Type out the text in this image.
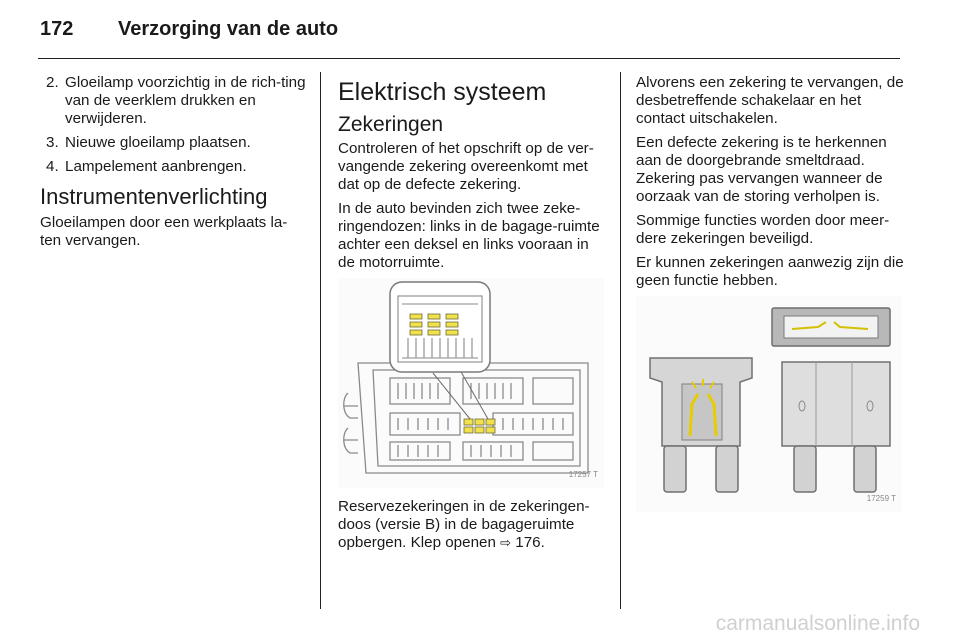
172 Verzorging van de auto
2. Gloeilamp voorzichtig in de rich-ting van de veerklem drukken en verwijderen.
3. Nieuwe gloeilamp plaatsen.
4. Lampelement aanbrengen.
Instrumentenverlichting

Gloeilampen door een werkplaats la-ten vervangen.

Elektrisch systeem
Zekeringen

Controleren of het opschrift op de ver-vangende zekering overeenkomt met dat op de defecte zekering.

In de auto bevinden zich twee zeke-ringendozen: links in de bagage-ruimte achter een deksel en links vooraan in de motorruimte.

17257 T

Reservezekeringen in de zekeringen-doos (versie B) in de bagageruimte opbergen. Klep openen ⇨ 176.

Alvorens een zekering te vervangen, de desbetreffende schakelaar en het contact uitschakelen.

Een defecte zekering is te herkennen aan de doorgebrande smeltdraad. Zekering pas vervangen wanneer de oorzaak van de storing verholpen is.

Sommige functies worden door meer-dere zekeringen beveiligd.

Er kunnen zekeringen aanwezig zijn die geen functie hebben.

17259 T
carmanualsonline.info
